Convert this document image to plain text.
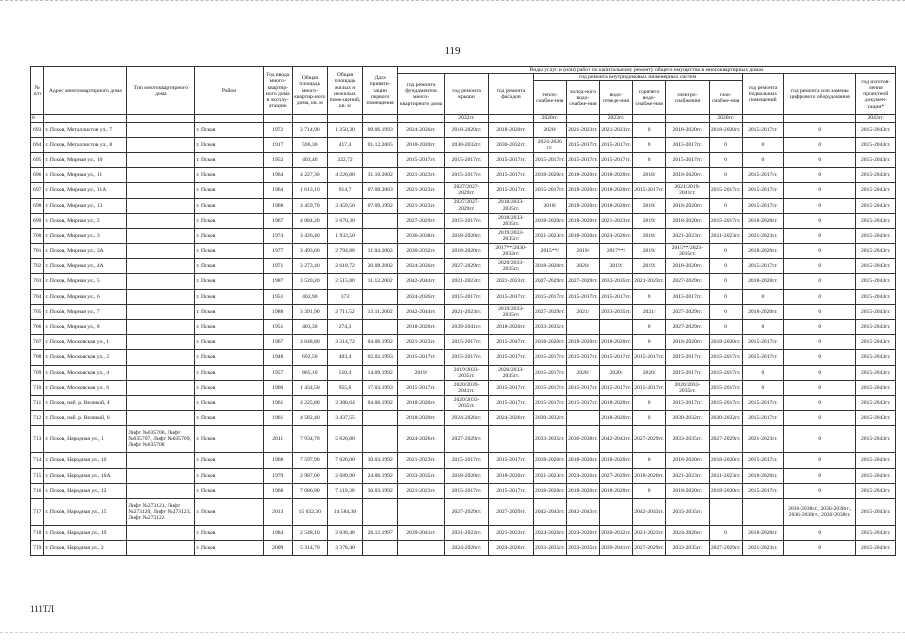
119
№ п/п	Адрес многоквартирного дома	Тип многоквартирного дома	Район	Год ввода много-квартир-ного дома в эксплу-атацию	Общая площадь много-квартир-ного дома, кв. м	Общая площадь жилых и нежилых поме-щений, кв. м	Дата привати-зации первого помещения	Виды услуг и (или) работ по капитальному ремонту общего имущества в многоквартирных домах											
								год ремонта фундаментов много-квартирного дома	год ремонта крыши	год ремонта фасадов	год ремонта внутридомовых инженерных систем						год ремонта подвальных помещений	год ремонта или замены цифрового оборудования	год изготов-ления проектной докумен-тации*
											тепло-снабже-ния	холод-ного водо-снабже-ния	водо-отведе-ния	горячего водо-снабже-ния	электро-снабжения	газо-снабже-ния			
6									2032гг.		2020гг.		2023гг.			2020гг.			2043гг.
693	г. Псков, Металлистов ул., 7		г. Псков	1972	3 714,90	1 250,30	09.06.1993	2024-2026гг.	2018-2020гг.	2018-2020гг.	2020/	2021-2023гг.	2021-2023гг.	0	2018-2020гг.	2018-2020гг.	2015-2017гг.	0	2015-2043гг.
694	г. Псков, Металлистов ул., 8		г. Псков	1917	596,30	417,4	01.12.2005	2018-2020гг.	2030-2032гг.	2030-2032гг.	2024-2026 гг.	2015-2017гг.	2015-2017гг.	0	2015-2017гг.	0	0	0	2015-2043гг.
695	г. Псков, Мирная ул., 10		г. Псков	1952	403,40	322,72		2015-2017гг.	2015-2017гг.	2015-2017гг.	2015-2017гг.	2015-2017гг.	2015-2017гг.	0	2015-2017гг.	0	0	0	2015-2043гг.
696	г. Псков, Мирная ул., 11		г. Псков	1964	4 227,30	4 226,00	31.10.2002	2021-2023гг.	2015-2017гг.	2015-2017гг.	2018-2020гг.	2018-2020гг.	2018-2020гг.	2018/	2018-2020гг.	0	2015-2017гг.	0	2015-2043гг.
697	г. Псков, Мирная ул., 11А		г. Псков	1964	1 613,10	914,7	07.08.2003	2021-2023гг.	2027/2027-2029гг.	2015-2017гг.	2015-2017гг.	2018-2020гг.	2018-2020гг.	2015-2017гг.	2021/2019-2041гг.	2015-2017гг.	2015-2017гг.	0	2015-2043гг.
698	г. Псков, Мирная ул., 13		г. Псков	1968	3 459,70	3 459,50	07.09.1992	2021-2023гг.	2027/2027-2029гг.	2018/2033-2035гг.	2018/	2018-2020гг.	2018-2020гг.	2018/	2018-2020гг.	0	2015-2017гг.	0	2015-2043гг.
699	г. Псков, Мирная ул., 2		г. Псков	1967	4 084,20	2 670,30		2027-2029гг.	2015-2017гг.	2018/2033-2035гг.	2018-2020гг.	2018-2020гг.	2021-2023гг.	2019/	2018-2020гг.	2015-2017гг.	2018-2020гг.	0	2015-2043гг.
700	г. Псков, Мирная ул., 3		г. Псков	1974	3 426,40	1 933,50		2036-2038гг.	2018-2020гг.	2019/2033-2035гг.	2021-2023гг.	2018-2020гг.	2024-2026гг.	2018/	2021-2023гг.	2021-2023гг.	2021-2023гг.	0	2015-2043гг.
701	г. Псков, Мирная ул., 3А		г. Псков	1977	3 493,60	2 794,88	11.04.2003	2030-2032гг.	2018-2020гг.	2017**/2030-2032гг.	2015**/	2019/	2017**/	2019/	2015**/2023-2035гг.	0	2018-2020гг.	0	2015-2043гг.
702	г. Псков, Мирная ул., 4А		г. Псков	1971	3 273,40	2 618,72	20.08.2002	2024-2026гг.	2027-2029гг.	2020/2033-2035гг.	2018-2020гг.	2020/	2019/	2019/	2018-2020гг.	0	2015-2017гг.	0	2015-2043гг.
703	г. Псков, Мирная ул., 5		г. Псков	1987	3 520,20	2 515,80	11.12.2002	2042-2044гг.	2021-2023гг.	2021-2023гг.	2027-2029гг.	2027-2029гг.	2033-2035гг.	2021-2023гг.	2027-2029гг.	0	2018-2020гг.	0	2015-2043гг.
704	г. Псков, Мирная ул., 6		г. Псков	1951	402,90	373		2024-2026гг.	2015-2017гг.	2015-2017гг.	2015-2017гг.	2015-2017гг.	2015-2017гг.	0	2015-2017гг.	0	0	0	2015-2043гг.
705	г. Псков, Мирная ул., 7		г. Псков	1988	3 391,90	2 711,52	13.11.2002	2042-2044гг.	2021-2023гг.	2019/2033-2035гг.	2027-2029гг.	2021/	2033-2035гг.	2021/	2027-2029гг.	0	2018-2020гг.	0	2015-2043гг.
706	г. Псков, Мирная ул., 8		г. Псков	1951	403,30	274,3		2018-2020гг.	2039-2041гг.	2018-2020гг.	2033-2035гг.			0	2027-2029гг.	0	0	0	2015-2043гг.
707	г. Псков, Московская ул., 1		г. Псков	1967	3 648,80	3 314,72	04.06.1992	2021-2023гг.	2015-2017гг.	2015-2047гг.	2018-2020гг.	2018-2020гг.	2018-2020гг.	0	2018-2020гг.	2018-2020гг.	2015-2017гг.	0	2015-2043гг.
708	г. Псков, Московская ул., 2		г. Псков	1948	692,50	403,4	02.02.1993	2015-2017гг.	2015-2017гг.	2015-2017гг.	2015-2017гг.	2015-2017гг.	2015-2017гг.	2015-2017гг.	2015-2017гг.	2015-2017гг.	2015-2017гг.	0	2015-2043гг.
709	г. Псков, Московская ул., 4		г. Псков	1957	865,10	510,4	14.09.1992	2019/	2019/2033-2035гг.	2020/2033-2035гг.	2015-2017гг.	2020/	2020/	2020/	2015-2017гг.	2015-2017гг.	0	0	2015-2043гг.
710	г. Псков, Московская ул., 6		г. Псков	1960	1 434,50	955,6	17.03.1993	2015-2017гг.	2020/2039-2041гг.	2015-2017гг.	2015-2017гг.	2015-2017гг.	2015-2017гг.	2015-2017гг.	2020/2033-2035гг.	2015-2017гг.	0	0	2015-2043гг.
711	г. Псков, наб. р. Великой, 4		г. Псков	1961	4 225,80	3 380,64	04.06.1992	2018-2020гг.	2020/2033-2035гг.	2015-2017гг.	2015-2017гг.	2015-2017гг.	2018-2020гг.	0	2015-2017гг.	2015-2017гг.	2015-2017гг.	0	2015-2043гг.
712	г. Псков, наб. р. Великой, 6		г. Псков	1961	4 582,40	3 437,55		2018-2020гг.	2024-2026гг.	2024-2026гг.	2030-2032гг.		2018-2020гг.	0	2030-2032гг.	2030-2032гг.	2015-2017гг.	0	2015-2043гг.
713	г. Псков, Народная ул., 1	Лифт №035706, Лифт №035707, Лифт №035709, Лифт №035708	г. Псков	2011	7 934,70	5 626,00		2024-2026гг.	2027-2029гг.		2033-2035гг.	2036-2038гг.	2042-2043гг.	2027-2029гг.	2033-2035гг.	2027-2029гг.	2021-2023гг.	0	2015-2043гг.
714	г. Псков, Народная ул., 10		г. Псков	1968	7 597,90	7 026,00	30.03.1992	2021-2023гг.	2015-2017гг.	2015-2017гг.	2018-2020гг.	2018-2020гг.	2018-2020гг.	0	2018-2020гг.	2018-2020гг.	2015-2017гг.	0	2015-2043гг.
715	г. Псков, Народная ул., 10А		г. Псков	1979	2 987,00	2 689,90	24.06.1992	2033-2035гг.	2018-2020гг.	2018-2020гг.	2021-2023гг.	2024-2026гг.	2027-2029гг.	2018-2020гг.	2021-2023гг.	2021-2023гг.	2018-2020гг.	0	2015-2043гг.
716	г. Псков, Народная ул., 12		г. Псков	1968	7 686,90	7 119,30	30.03.1992	2021-2023гг.	2015-2017гг.	2015-2017гг.	2018-2020гг.	2018-2020гг.	2018-2020гг.	0	2018-2020гг.	2018-2020гг.	2015-2017гг.	0	2015-2043гг.
717	г. Псков, Народная ул., 15	Лифт №273121, Лифт №273120, Лифт №273123, Лифт №273122	г. Псков	2013	15 032,30	14 584,30			2027-2029гг.	2027-2029гг.	2042-2043гг.	2042-2043гг.		2042-2043гг.	2033-2035гг.			2036-2038гг., 2036-2038гг., 2036-2038гг., 2036-2038гг.	2015-2043гг.
718	г. Псков, Народная ул., 19		г. Псков	1984	2 548,10	2 038,48	26.12.1997	2039-2041гг.	2021-2023гг.	2021-2023гг.	2024-2026гг.	2024-2026гг.	2030-2032гг.	2021-2023гг.	2024-2026гг.	0	2018-2020гг.	0	2015-2043гг.
719	г. Псков, Народная ул., 2		г. Псков	2009	5 314,70	3 378,40			2024-2026гг.	2024-2026гг.	2033-2035гг.	2033-2035гг.	2039-2041гг.	2027-2029гг.	2033-2035гг.	2027-2029гг.	2021-2023гг.	0	2015-2043гг.
111ТЛ
